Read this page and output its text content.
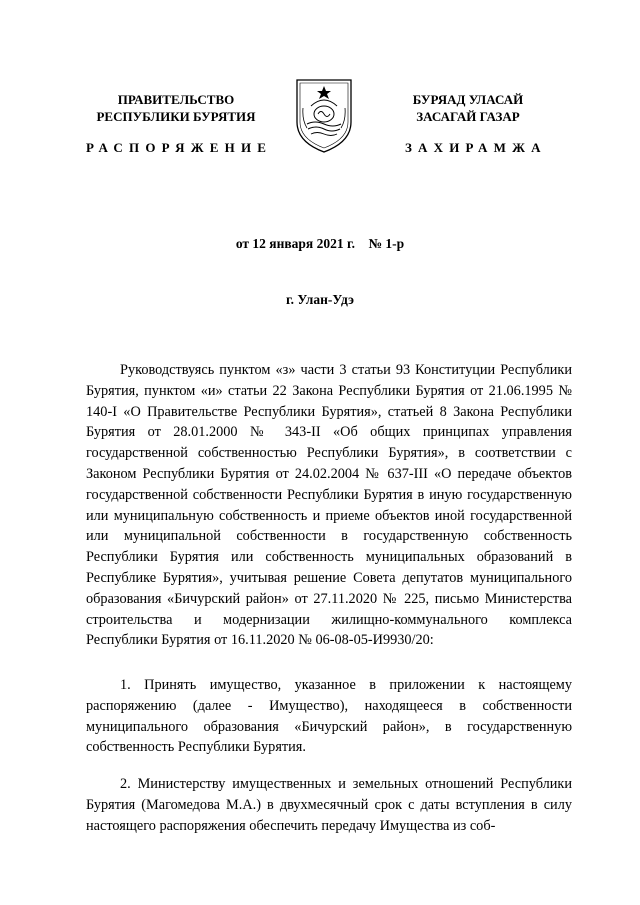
ПРАВИТЕЛЬСТВО
РЕСПУБЛИКИ БУРЯТИЯ
БУРЯАД УЛАСАЙ
ЗАСАГАЙ ГАЗАР
РАСПОРЯЖЕНИЕ	ЗАХИРАМЖА
от 12 января 2021 г.    № 1-р
г. Улан-Удэ

Руководствуясь пунктом «з» части 3 статьи 93 Конституции Республики Бурятия, пунктом «и» статьи 22 Закона Республики Бурятия от 21.06.1995 № 140-I «О Правительстве Республики Бурятия», статьей 8 Закона Республики Бурятия от 28.01.2000 № 343-II «Об общих принципах управления государственной собственностью Республики Бурятия», в соответствии с Законом Республики Бурятия от 24.02.2004 № 637-III «О передаче объектов государственной собственности Республики Бурятия в иную государственную или муниципальную собственность и приеме объектов иной государственной или муниципальной собственности в государственную собственность Республики Бурятия или собственность муниципальных образований в Республике Бурятия», учитывая решение Совета депутатов муниципального образования «Бичурский район» от 27.11.2020 № 225, письмо Министерства строительства и модернизации жилищно-коммунального комплекса Республики Бурятия от 16.11.2020 № 06-08-05-И9930/20:

1. Принять имущество, указанное в приложении к настоящему распоряжению (далее - Имущество), находящееся в собственности муниципального образования «Бичурский район», в государственную собственность Республики Бурятия.

2. Министерству имущественных и земельных отношений Республики Бурятия (Магомедова М.А.) в двухмесячный срок с даты вступления в силу настоящего распоряжения обеспечить передачу Имущества из соб-
